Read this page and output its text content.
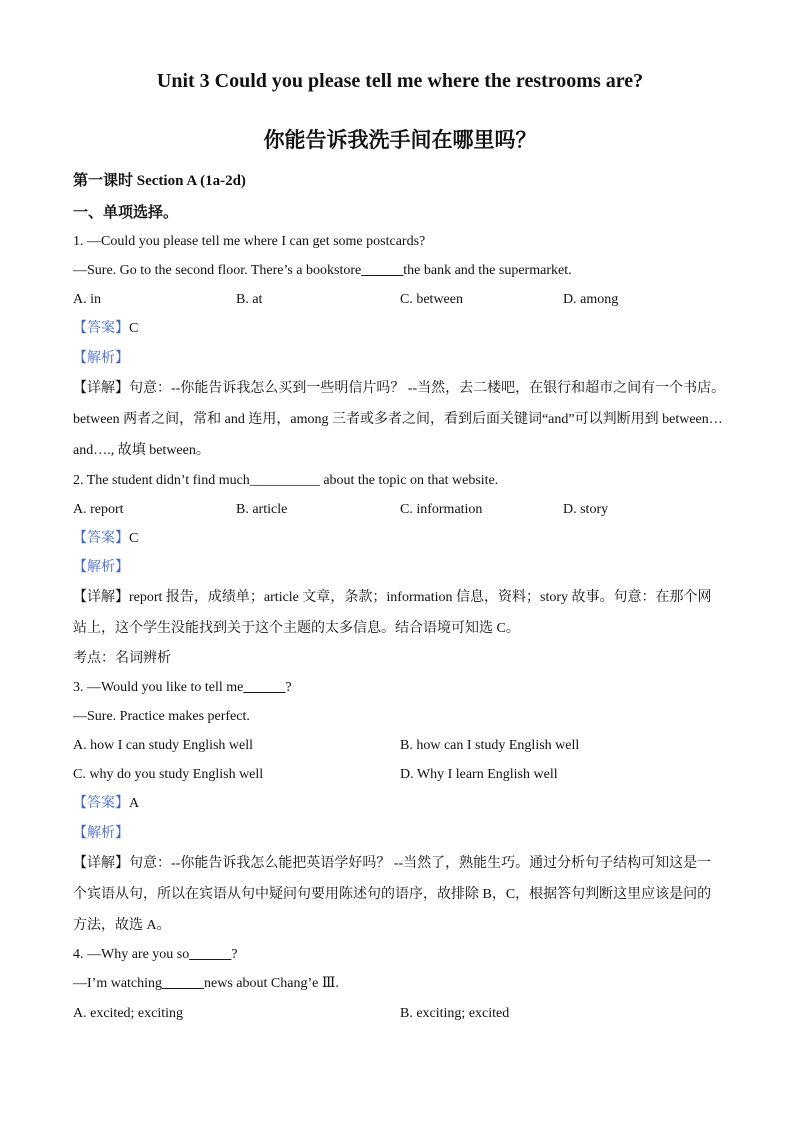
Unit 3 Could you please tell me where the restrooms are?
你能告诉我洗手间在哪里吗？
第一课时 Section A (1a-2d)
一、单项选择。
1. —Could you please tell me where I can get some postcards?
—Sure. Go to the second floor. There’s a bookstore______the bank and the supermarket.
A. in	B. at	C. between	D. among
【答案】C
【解析】
【详解】句意：--你能告诉我怎么买到一些明信片吗？ --当然，去二楼吧，在银行和超市之间有一个书店。
between 两者之间，常和 and 连用，among 三者或多者之间，看到后面关键词“and”可以判断用到 between…
and…., 故填 between。
2. The student didn’t find much__________ about the topic on that website.
A. report	B. article	C. information	D. story
【答案】C
【解析】
【详解】report 报告，成绩单；article 文章，条款；information 信息，资料；story 故事。句意：在那个网
站上，这个学生没能找到关于这个主题的太多信息。结合语境可知选 C。
考点：名词辨析
3. —Would you like to tell me______?
—Sure. Practice makes perfect.
A. how I can study English well	B. how can I study English well
C. why do you study English well	D. Why I learn English well
【答案】A
【解析】
【详解】句意：--你能告诉我怎么能把英语学好吗？ --当然了，熟能生巧。通过分析句子结构可知这是一
个宾语从句，所以在宾语从句中疑问句要用陈述句的语序，故排除 B，C，根据答句判断这里应该是问的
方法，故选 A。
4. —Why are you so______?
—I’m watching______news about Chang’e Ⅲ.
A. excited; exciting	B. exciting; excited
